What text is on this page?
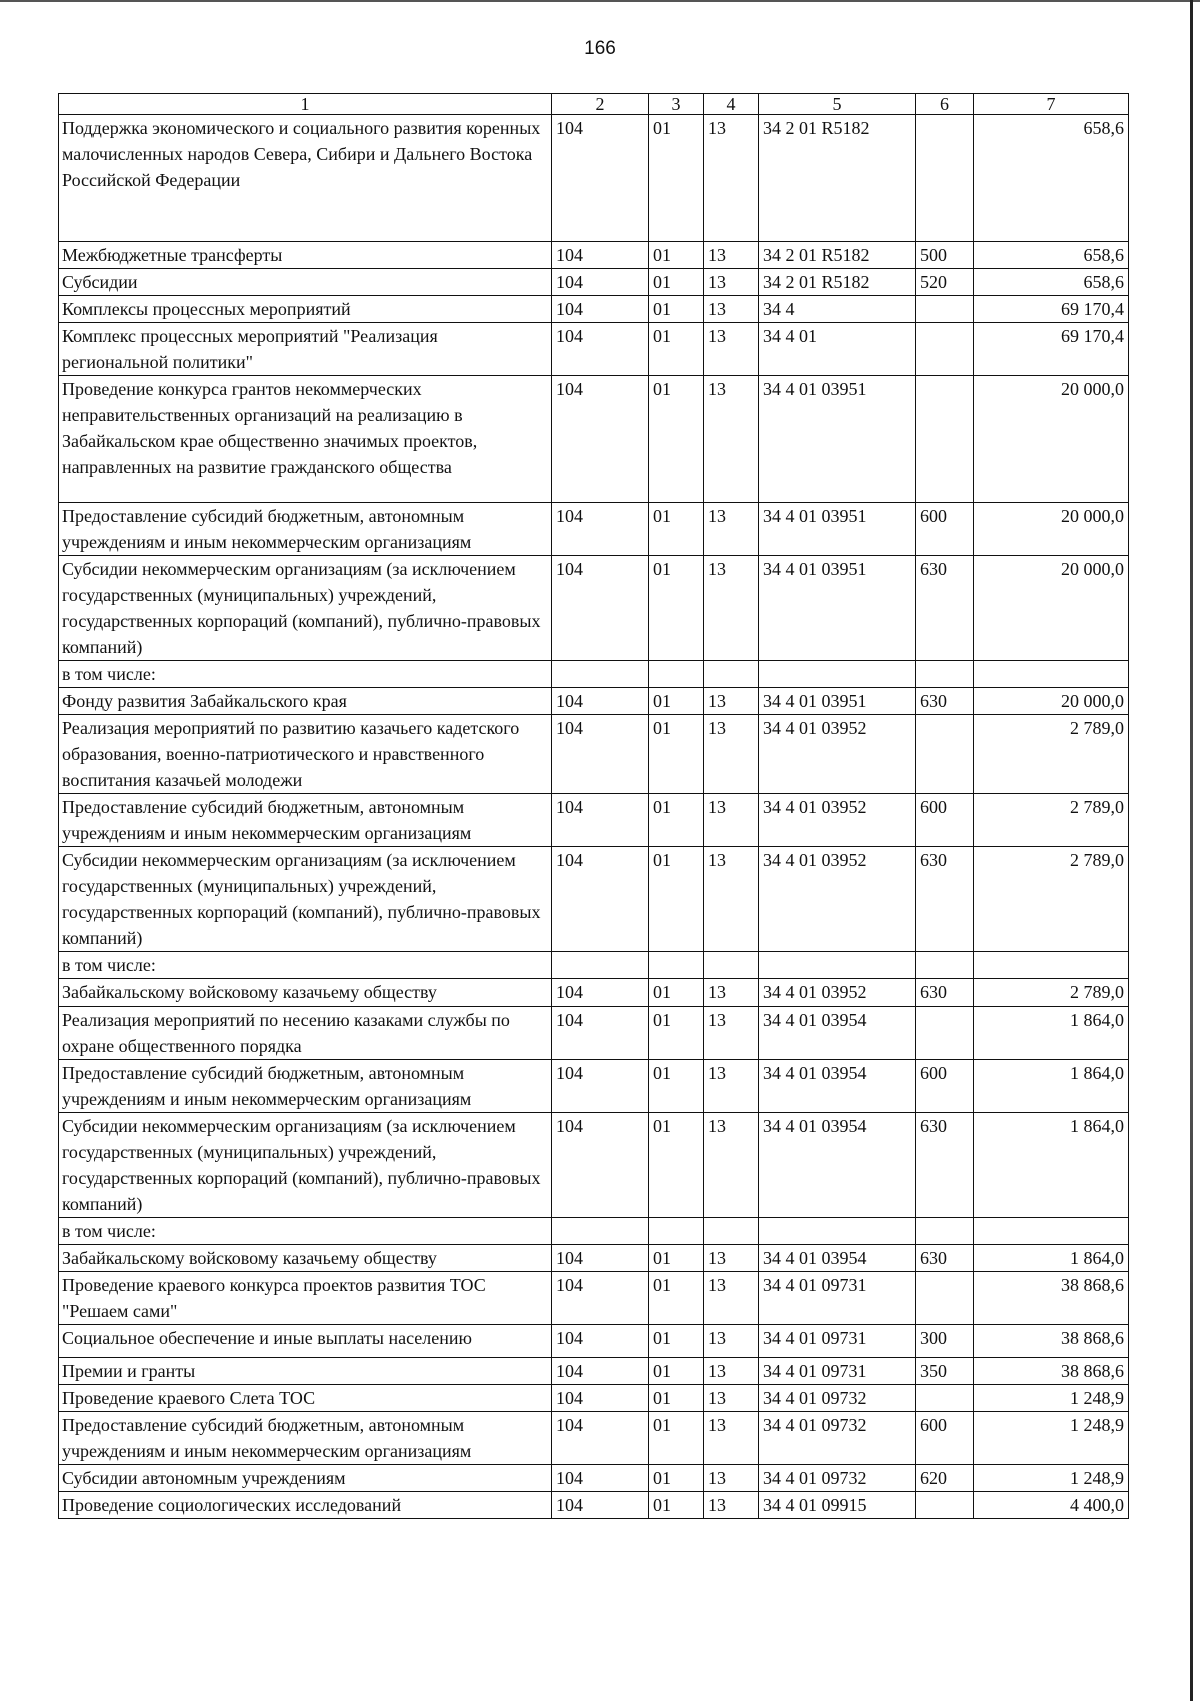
166
1	2	3	4	5	6	7
Поддержка экономического и социального развития коренных малочисленных народов Севера, Сибири и Дальнего Востока Российской Федерации	104	01	13	34 2 01 R5182		658,6
Межбюджетные трансферты	104	01	13	34 2 01 R5182	500	658,6
Субсидии	104	01	13	34 2 01 R5182	520	658,6
Комплексы процессных мероприятий	104	01	13	34 4		69 170,4
Комплекс процессных мероприятий "Реализация региональной политики"	104	01	13	34 4 01		69 170,4
Проведение конкурса грантов некоммерческих неправительственных организаций на реализацию в Забайкальском крае общественно значимых проектов, направленных на развитие гражданского общества	104	01	13	34 4 01 03951		20 000,0
Предоставление субсидий бюджетным, автономным учреждениям и иным некоммерческим организациям	104	01	13	34 4 01 03951	600	20 000,0
Субсидии некоммерческим организациям (за исключением государственных (муниципальных) учреждений, государственных корпораций (компаний), публично-правовых компаний)	104	01	13	34 4 01 03951	630	20 000,0
в том числе:						
Фонду развития Забайкальского края	104	01	13	34 4 01 03951	630	20 000,0
Реализация мероприятий по развитию казачьего кадетского образования, военно-патриотического и нравственного воспитания казачьей молодежи	104	01	13	34 4 01 03952		2 789,0
Предоставление субсидий бюджетным, автономным учреждениям и иным некоммерческим организациям	104	01	13	34 4 01 03952	600	2 789,0
Субсидии некоммерческим организациям (за исключением государственных (муниципальных) учреждений, государственных корпораций (компаний), публично-правовых компаний)	104	01	13	34 4 01 03952	630	2 789,0
в том числе:						
Забайкальскому войсковому казачьему обществу	104	01	13	34 4 01 03952	630	2 789,0
Реализация мероприятий по несению казаками службы по охране общественного порядка	104	01	13	34 4 01 03954		1 864,0
Предоставление субсидий бюджетным, автономным учреждениям и иным некоммерческим организациям	104	01	13	34 4 01 03954	600	1 864,0
Субсидии некоммерческим организациям (за исключением государственных (муниципальных) учреждений, государственных корпораций (компаний), публично-правовых компаний)	104	01	13	34 4 01 03954	630	1 864,0
в том числе:						
Забайкальскому войсковому казачьему обществу	104	01	13	34 4 01 03954	630	1 864,0
Проведение краевого конкурса проектов развития ТОС "Решаем сами"	104	01	13	34 4 01 09731		38 868,6
Социальное обеспечение и иные выплаты населению	104	01	13	34 4 01 09731	300	38 868,6
Премии и гранты	104	01	13	34 4 01 09731	350	38 868,6
Проведение краевого Слета ТОС	104	01	13	34 4 01 09732		1 248,9
Предоставление субсидий бюджетным, автономным учреждениям и иным некоммерческим организациям	104	01	13	34 4 01 09732	600	1 248,9
Субсидии автономным учреждениям	104	01	13	34 4 01 09732	620	1 248,9
Проведение социологических исследований	104	01	13	34 4 01 09915		4 400,0
